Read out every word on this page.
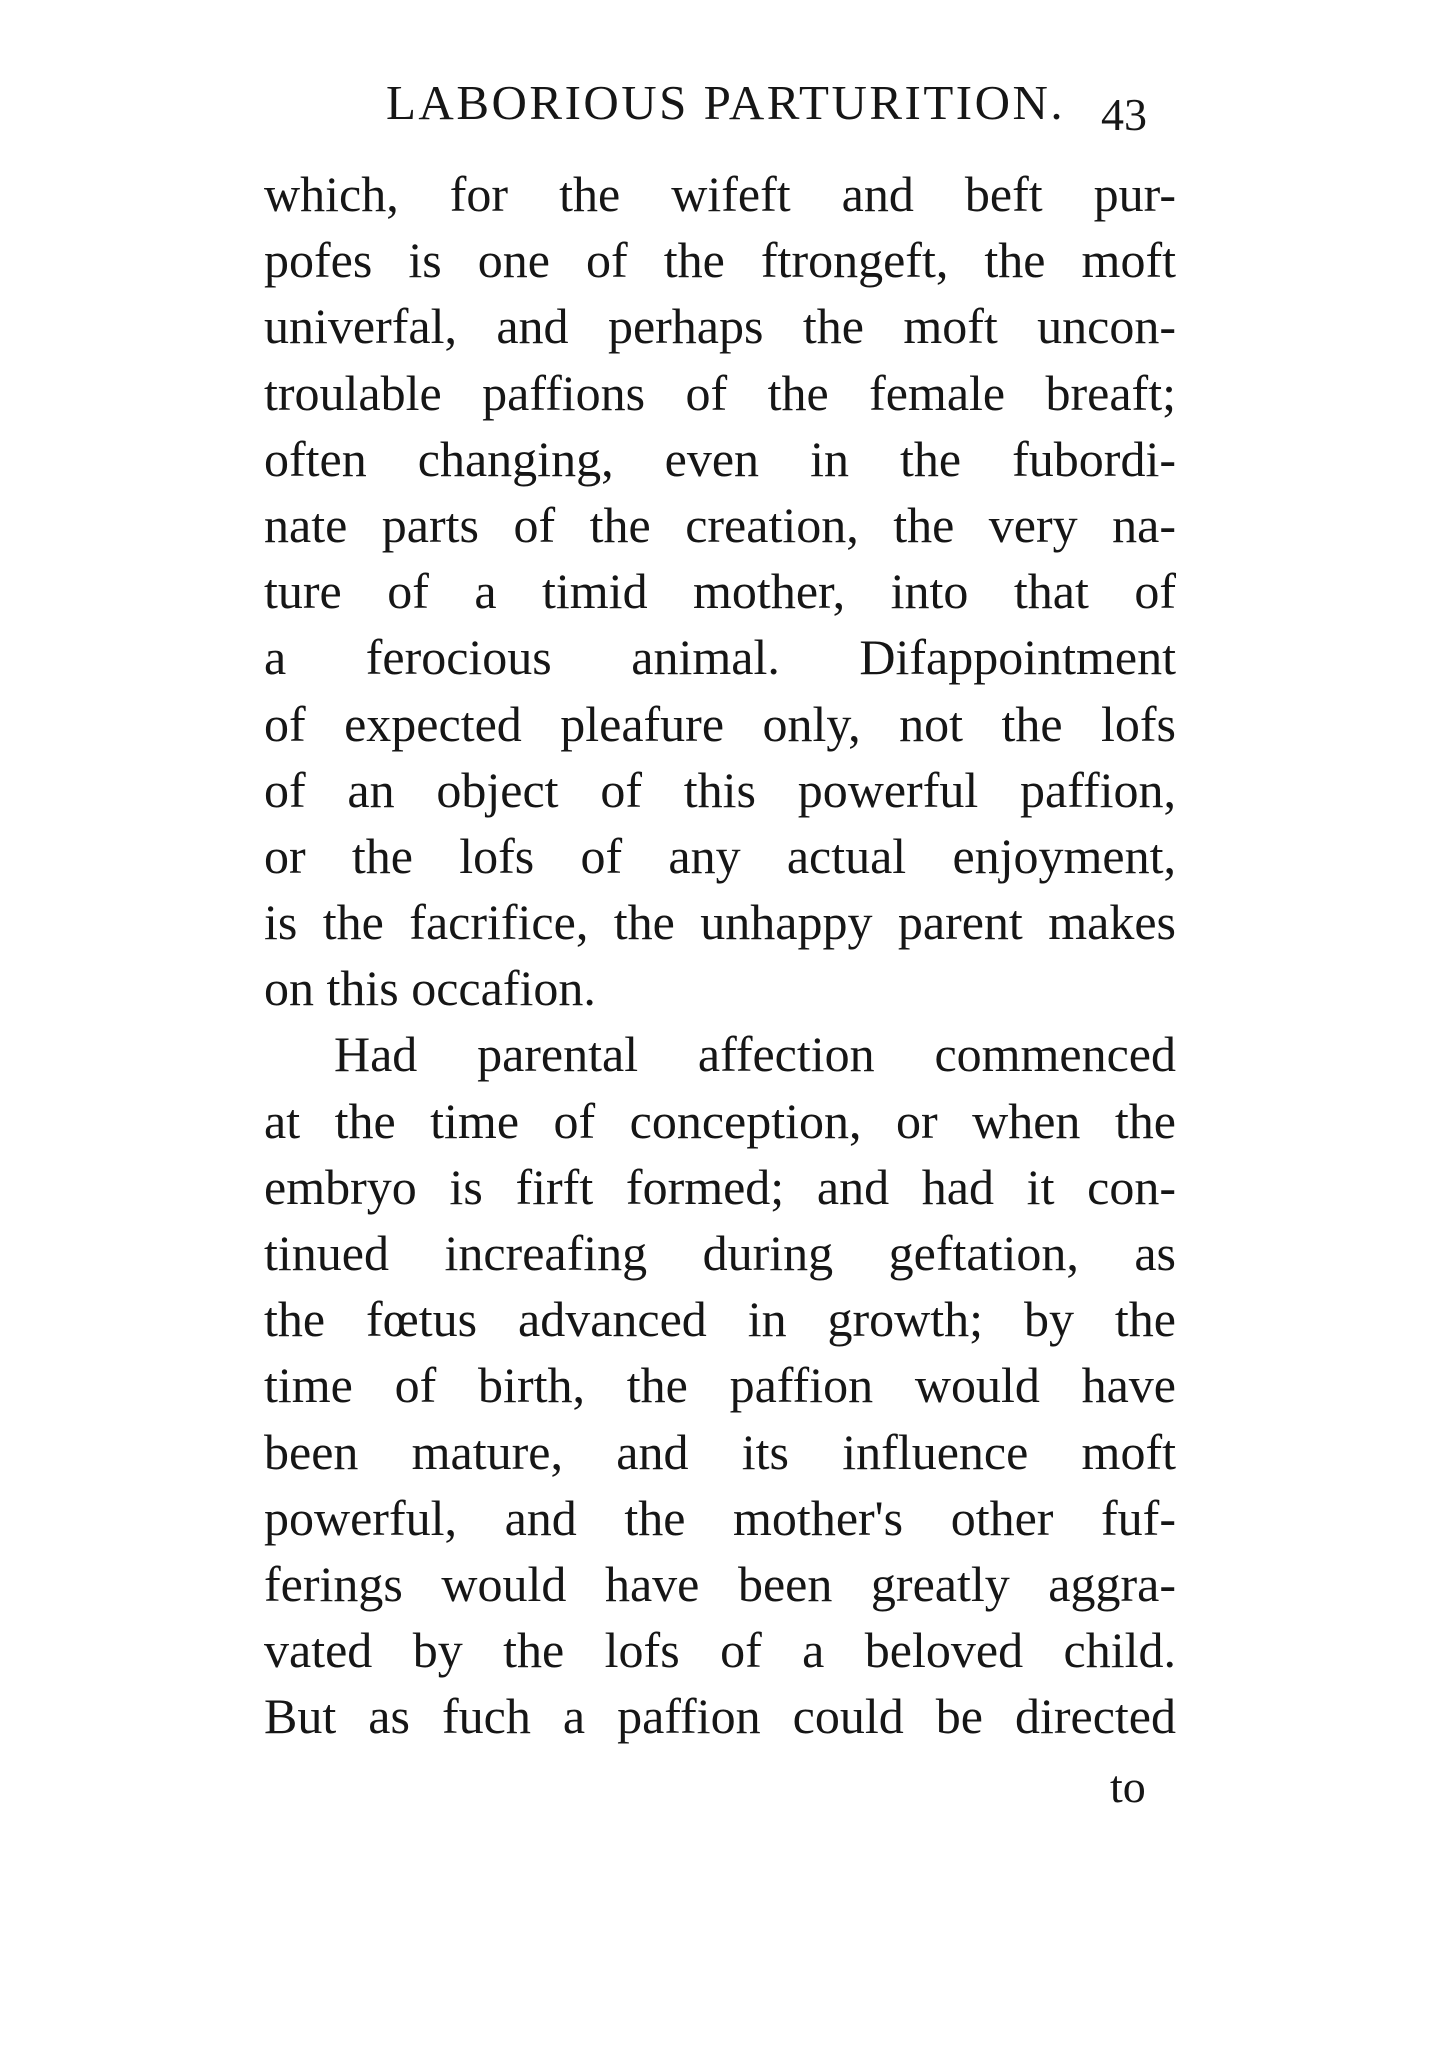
LABORIOUS PARTURITION. 43
which, for the wifeft and beft pur-
pofes is one of the ftrongeft, the moft
univerfal, and perhaps the moft uncon-
troulable paffions of the female breaft;
often changing, even in the fubordi-
nate parts of the creation, the very na-
ture of a timid mother, into that of
a ferocious animal. Difappointment
of expected pleafure only, not the lofs
of an object of this powerful paffion,
or the lofs of any actual enjoyment,
is the facrifice, the unhappy parent makes
on this occafion.
Had parental affection commenced
at the time of conception, or when the
embryo is firft formed; and had it con-
tinued increafing during geftation, as
the fœtus advanced in growth; by the
time of birth, the paffion would have
been mature, and its influence moft
powerful, and the mother's other fuf-
ferings would have been greatly aggra-
vated by the lofs of a beloved child.
But as fuch a paffion could be directed
to
